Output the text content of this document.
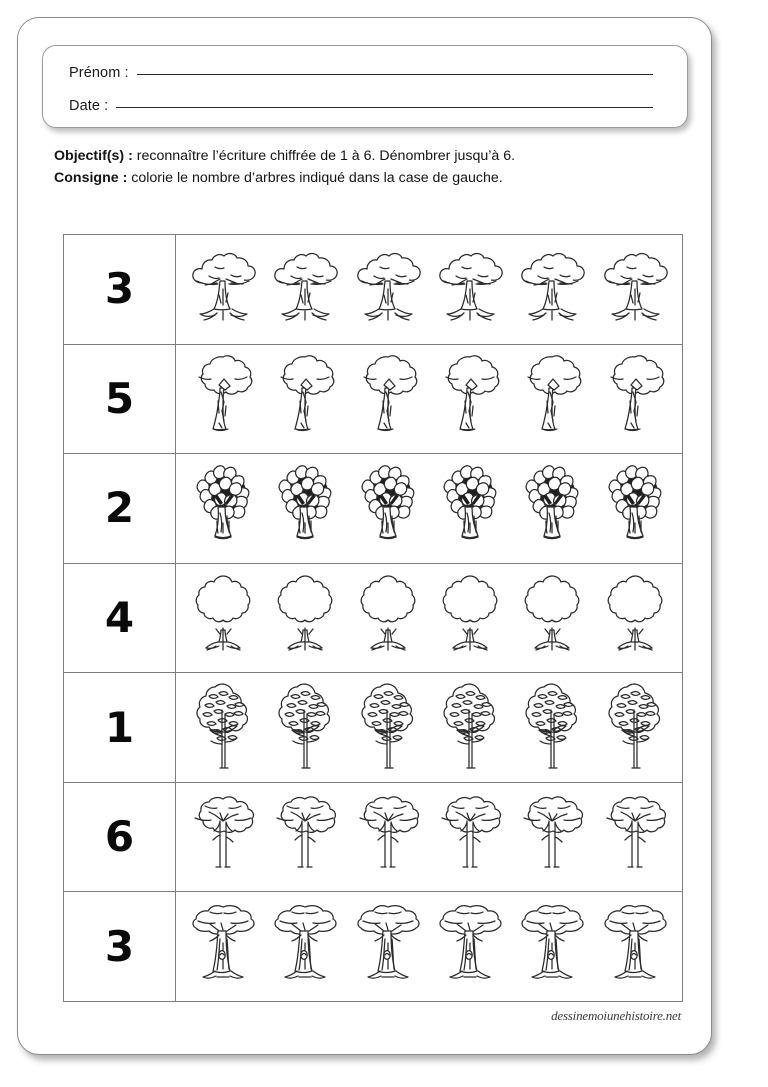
Prénom :
Date :
Objectif(s) : reconnaître l’écriture chiffrée de 1 à 6. Dénombrer jusqu’à 6.
Consigne : colorie le nombre d’arbres indiqué dans la case de gauche.
3
5
2
4
1
6
3
dessinemoiunehistoire.net
